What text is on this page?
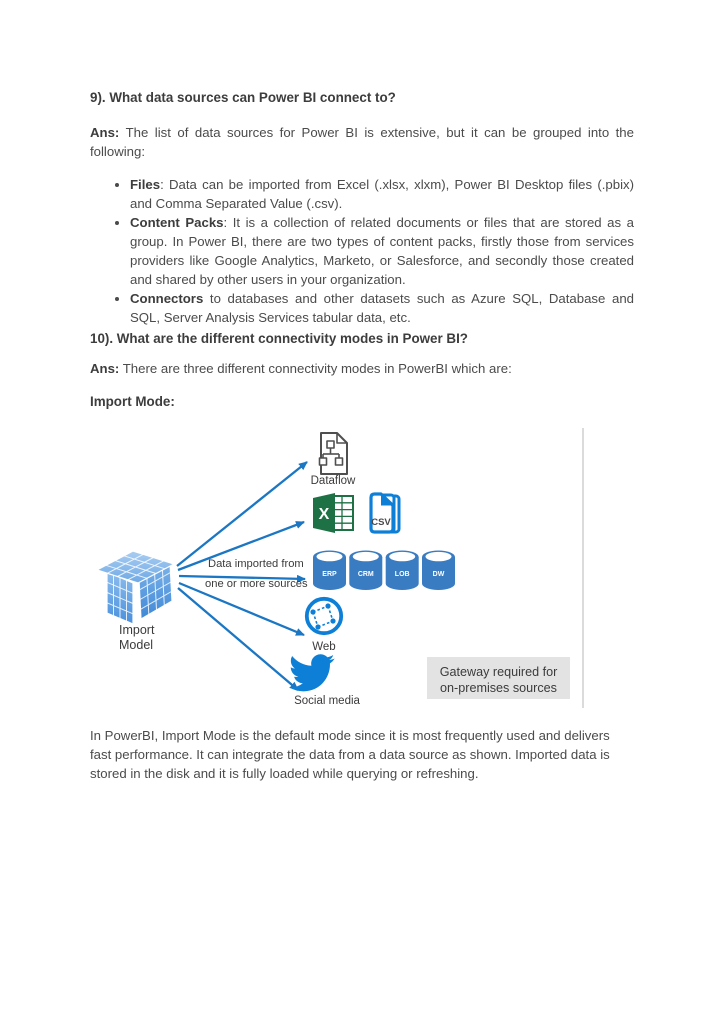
9). What data sources can Power BI connect to?

Ans: The list of data sources for Power BI is extensive, but it can be grouped into the following:

• Files: Data can be imported from Excel (.xlsx, xlxm), Power BI Desktop files (.pbix) and Comma Separated Value (.csv).
• Content Packs: It is a collection of related documents or files that are stored as a group. In Power BI, there are two types of content packs, firstly those from services providers like Google Analytics, Marketo, or Salesforce, and secondly those created and shared by other users in your organization.
• Connectors to databases and other datasets such as Azure SQL, Database and SQL, Server Analysis Services tabular data, etc.
10). What are the different connectivity modes in Power BI?

Ans: There are three different connectivity modes in PowerBI which are:

Import Mode:

Data imported from
one or more sources
Import
Model
Dataflow
X	CSV
ERP	CRM	LOB	DW
Web
Social media
Gateway required for
on-premises sources

In PowerBI, Import Mode is the default mode since it is most frequently used and delivers fast performance. It can integrate the data from a data source as shown. Imported data is stored in the disk and it is fully loaded while querying or refreshing.
